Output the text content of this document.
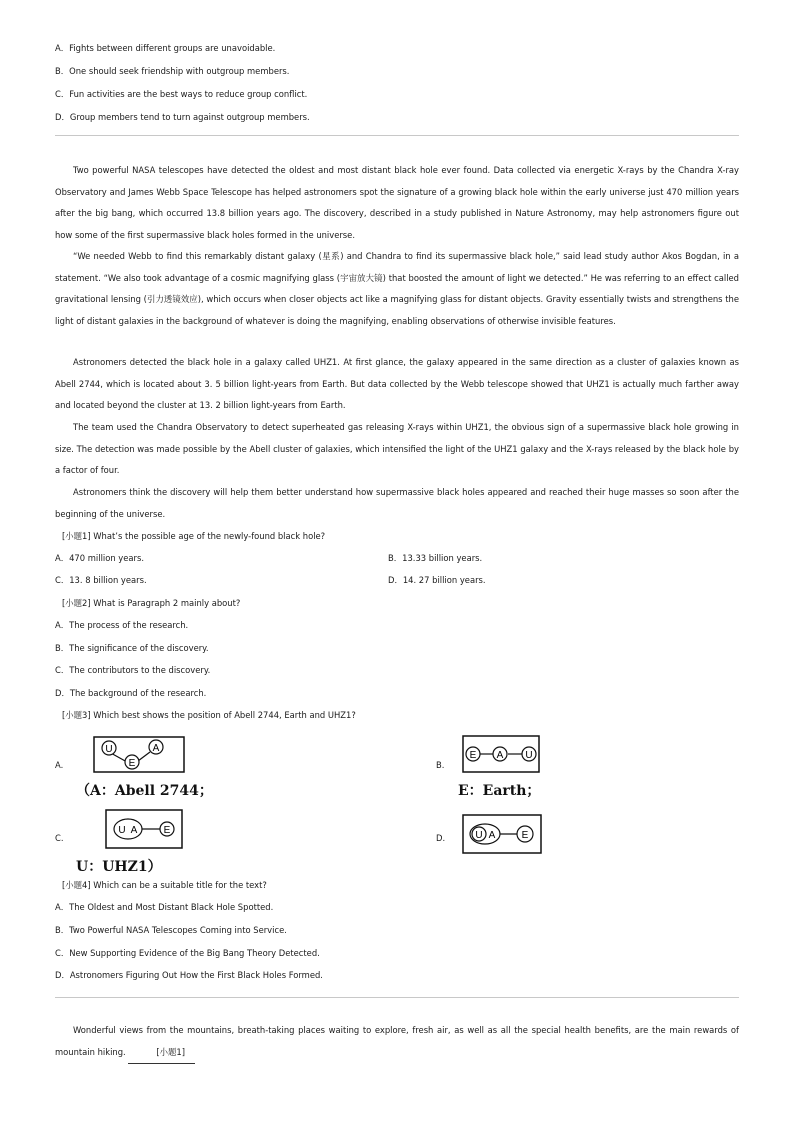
A．Fights between different groups are unavoidable.
B．One should seek friendship with outgroup members.
C．Fun activities are the best ways to reduce group conflict.
D．Group members tend to turn against outgroup members.
Two powerful NASA telescopes have detected the oldest and most distant black hole ever found. Data collected via energetic X-rays by the Chandra X-ray Observatory and James Webb Space Telescope has helped astronomers spot the signature of a growing black hole within the early universe just 470 million years after the big bang, which occurred 13.8 billion years ago. The discovery, described in a study published in Nature Astronomy, may help astronomers figure out how some of the first supermassive black holes formed in the universe.
“We needed Webb to find this remarkably distant galaxy (星系) and Chandra to find its supermassive black hole,” said lead study author Akos Bogdan, in a statement. “We also took advantage of a cosmic magnifying glass (宇宙放大镜) that boosted the amount of light we detected.” He was referring to an effect called gravitational lensing (引力透镜效应), which occurs when closer objects act like a magnifying glass for distant objects. Gravity essentially twists and strengthens the light of distant galaxies in the background of whatever is doing the magnifying, enabling observations of otherwise invisible features.
Astronomers detected the black hole in a galaxy called UHZ1. At first glance, the galaxy appeared in the same direction as a cluster of galaxies known as Abell 2744, which is located about 3. 5 billion light-years from Earth. But data collected by the Webb telescope showed that UHZ1 is actually much farther away and located beyond the cluster at 13. 2 billion light-years from Earth.
The team used the Chandra Observatory to detect superheated gas releasing X-rays within UHZ1, the obvious sign of a supermassive black hole growing in size. The detection was made possible by the Abell cluster of galaxies, which intensified the light of the UHZ1 galaxy and the X-rays released by the black hole by a factor of four.
Astronomers think the discovery will help them better understand how supermassive black holes appeared and reached their huge masses so soon after the beginning of the universe.
[小题1] What’s the possible age of the newly-found black hole?
A．470 million years.	B．13.33 billion years.
C．13. 8 billion years.	D．14. 27 billion years.
[小题2] What is Paragraph 2 mainly about?
A．The process of the research.
B．The significance of the discovery.
C．The contributors to the discovery.
D．The background of the research.
[小题3] Which best shows the position of Abell 2744, Earth and UHZ1?
A.
U
E
A
（A：Abell 2744；
B.
E A U
E：Earth；
C.
U A	E
U：UHZ1）
D.	U A	E
[小题4] Which can be a suitable title for the text?
A．The Oldest and Most Distant Black Hole Spotted.
B．Two Powerful NASA Telescopes Coming into Service.
C．New Supporting Evidence of the Big Bang Theory Detected.
D．Astronomers Figuring Out How the First Black Holes Formed.
Wonderful views from the mountains, breath-taking places waiting to explore, fresh air, as well as all the special health benefits, are the main rewards of mountain hiking.	[小题1]
